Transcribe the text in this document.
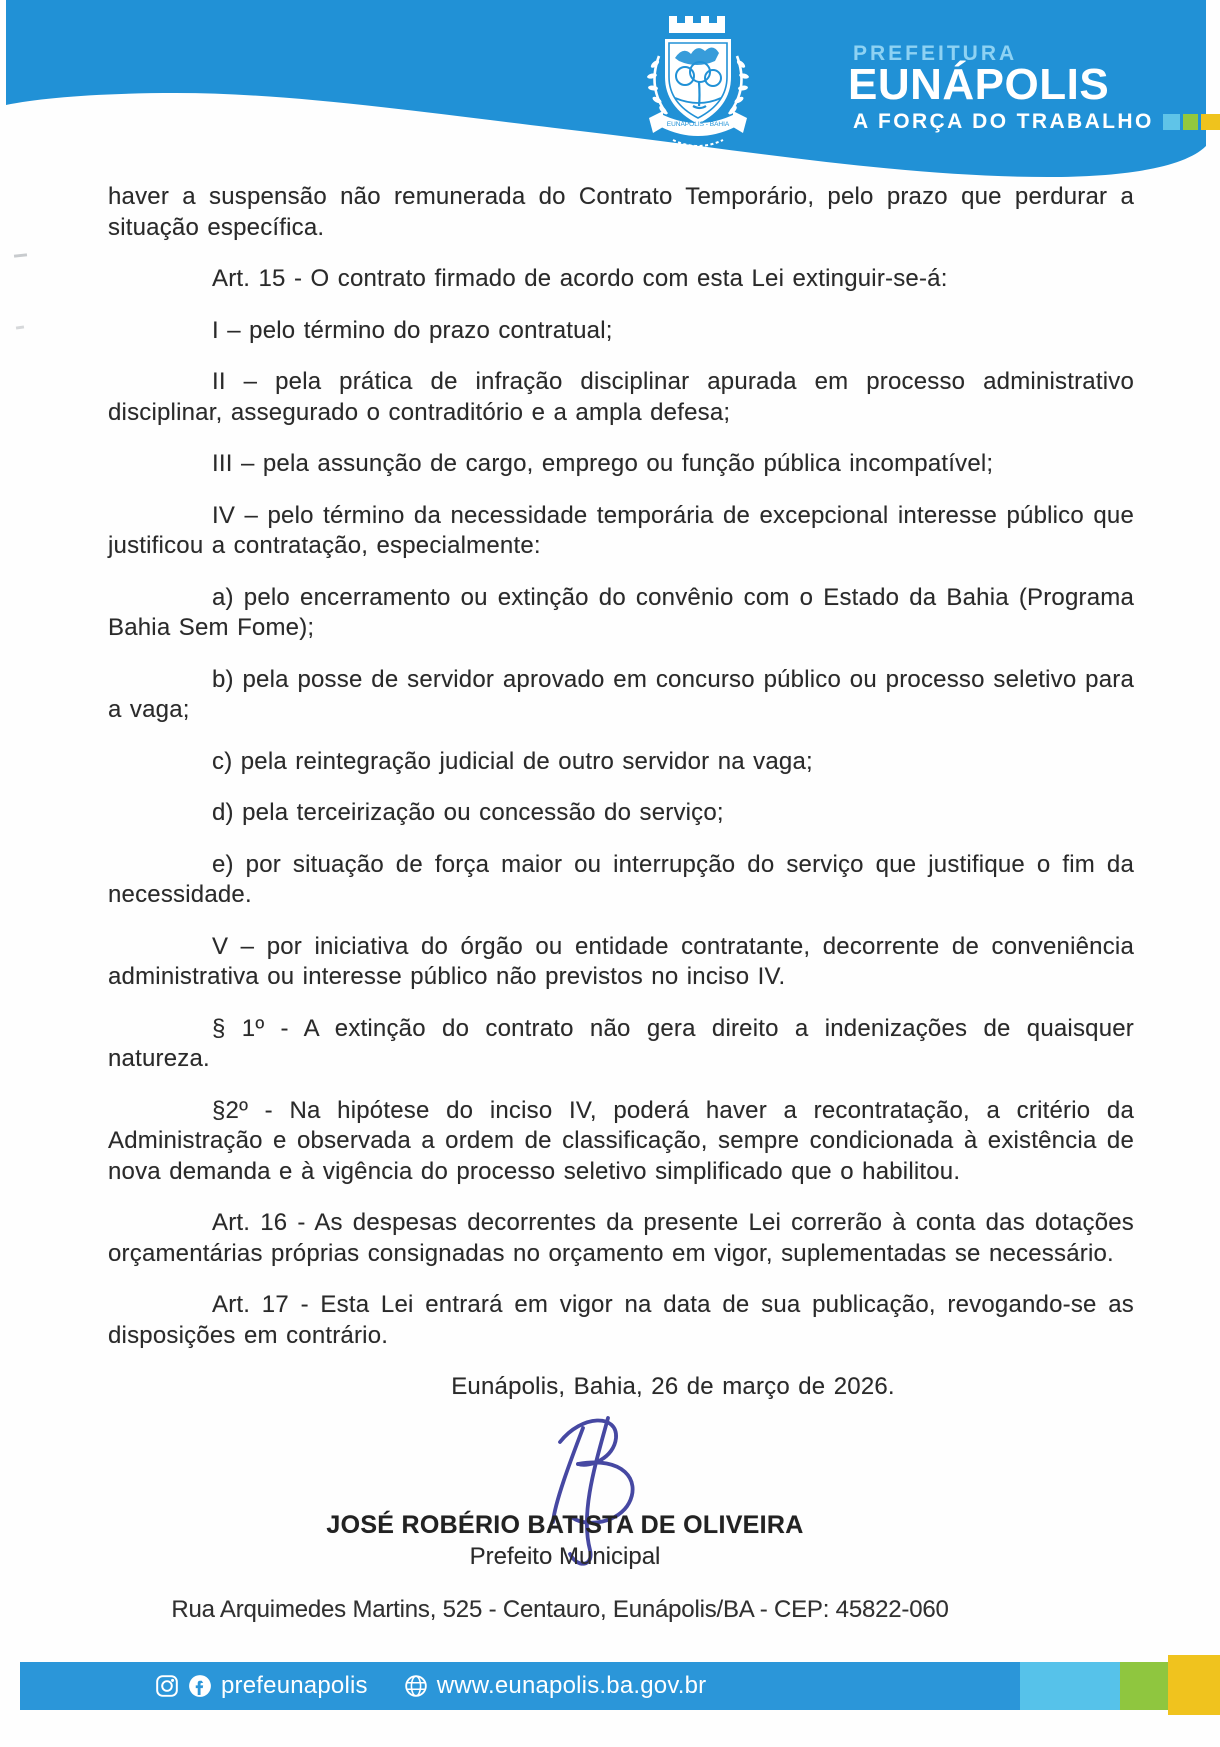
EUNÁPOLIS - BAHIA
PREFEITURA
EUNÁPOLIS
A FORÇA DO TRABALHO

haver a suspensão não remunerada do Contrato Temporário, pelo prazo que perdurar a situação específica.

Art. 15 - O contrato firmado de acordo com esta Lei extinguir-se-á:

I – pelo término do prazo contratual;

II – pela prática de infração disciplinar apurada em processo administrativo disciplinar, assegurado o contraditório e a ampla defesa;

III – pela assunção de cargo, emprego ou função pública incompatível;

IV – pelo término da necessidade temporária de excepcional interesse público que justificou a contratação, especialmente:

a) pelo encerramento ou extinção do convênio com o Estado da Bahia (Programa Bahia Sem Fome);

b) pela posse de servidor aprovado em concurso público ou processo seletivo para a vaga;

c) pela reintegração judicial de outro servidor na vaga;

d) pela terceirização ou concessão do serviço;

e) por situação de força maior ou interrupção do serviço que justifique o fim da necessidade.

V – por iniciativa do órgão ou entidade contratante, decorrente de conveniência administrativa ou interesse público não previstos no inciso IV.

§ 1º - A extinção do contrato não gera direito a indenizações de quaisquer natureza.

§2º - Na hipótese do inciso IV, poderá haver a recontratação, a critério da Administração e observada a ordem de classificação, sempre condicionada à existência de nova demanda e à vigência do processo seletivo simplificado que o habilitou.

Art. 16 - As despesas decorrentes da presente Lei correrão à conta das dotações orçamentárias próprias consignadas no orçamento em vigor, suplementadas se necessário.

Art. 17 - Esta Lei entrará em vigor na data de sua publicação, revogando-se as disposições em contrário.

Eunápolis, Bahia, 26 de março de 2026.

JOSÉ ROBÉRIO BATISTA DE OLIVEIRA
Prefeito Municipal
Rua Arquimedes Martins, 525 - Centauro, Eunápolis/BA - CEP: 45822-060
prefeunapolis	www.eunapolis.ba.gov.br
